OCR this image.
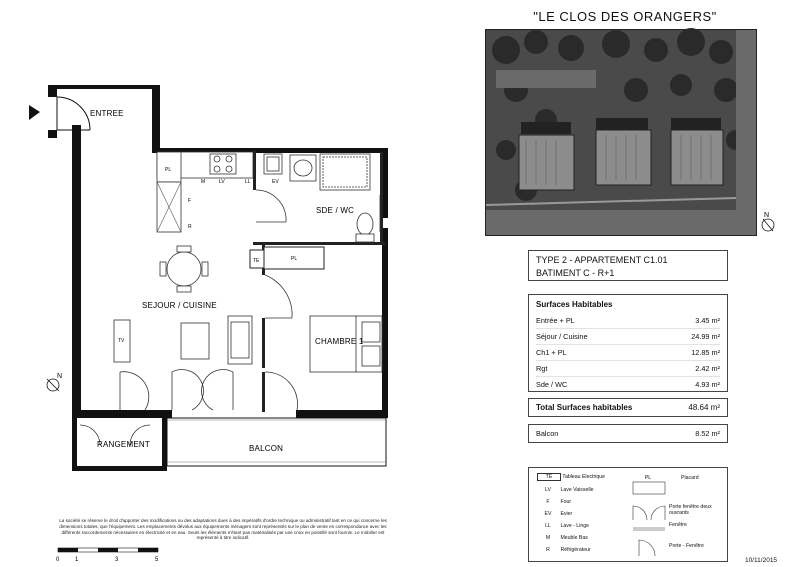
ENTREE
SDE / WC
SEJOUR / CUISINE
CHAMBRE 1
RANGEMENT	BALCON
PL
PL
TE
TV
M	LV	LL	EV
F
R
N
N
0	1	3	5
"LE CLOS DES ORANGERS"
TYPE 2 - APPARTEMENT C1.01
BATIMENT C - R+1
Surfaces Habitables
Entrée + PL	3.45 m²
Séjour / Cuisine	24.99 m²
Ch1 + PL	12.85 m²
Rgt	2.42 m²
Sde / WC	4.93 m²
Total Surfaces habitables	48.64 m²
Balcon	8.52 m²
TE Tableau Electrique
LV Lave Vaisselle
F Four
EV Evier
LL Lave - Linge
M Meuble Bas
R Réfrigérateur
PL	Placard
Porte fenêtre deux ouvrants
Fenêtre
Porte - Fenêtre
La société se réserve le droit d'apporter des modifications ou des adaptations dues à des impératifs d'ordre technique ou administratif tant en ce qui concerne les dimensions totales, que l'équipement. Les emplacements dévolus aux équipements ménagers sont représentés sur le plan de vente en correspondance avec les différents raccordements nécessaires en électricité et en eau. Seuls les éléments n'étant pas matérialisés par une croix en pointillé sont fournis. Le mobilier est représenté à titre indicatif.
10/11/2015
